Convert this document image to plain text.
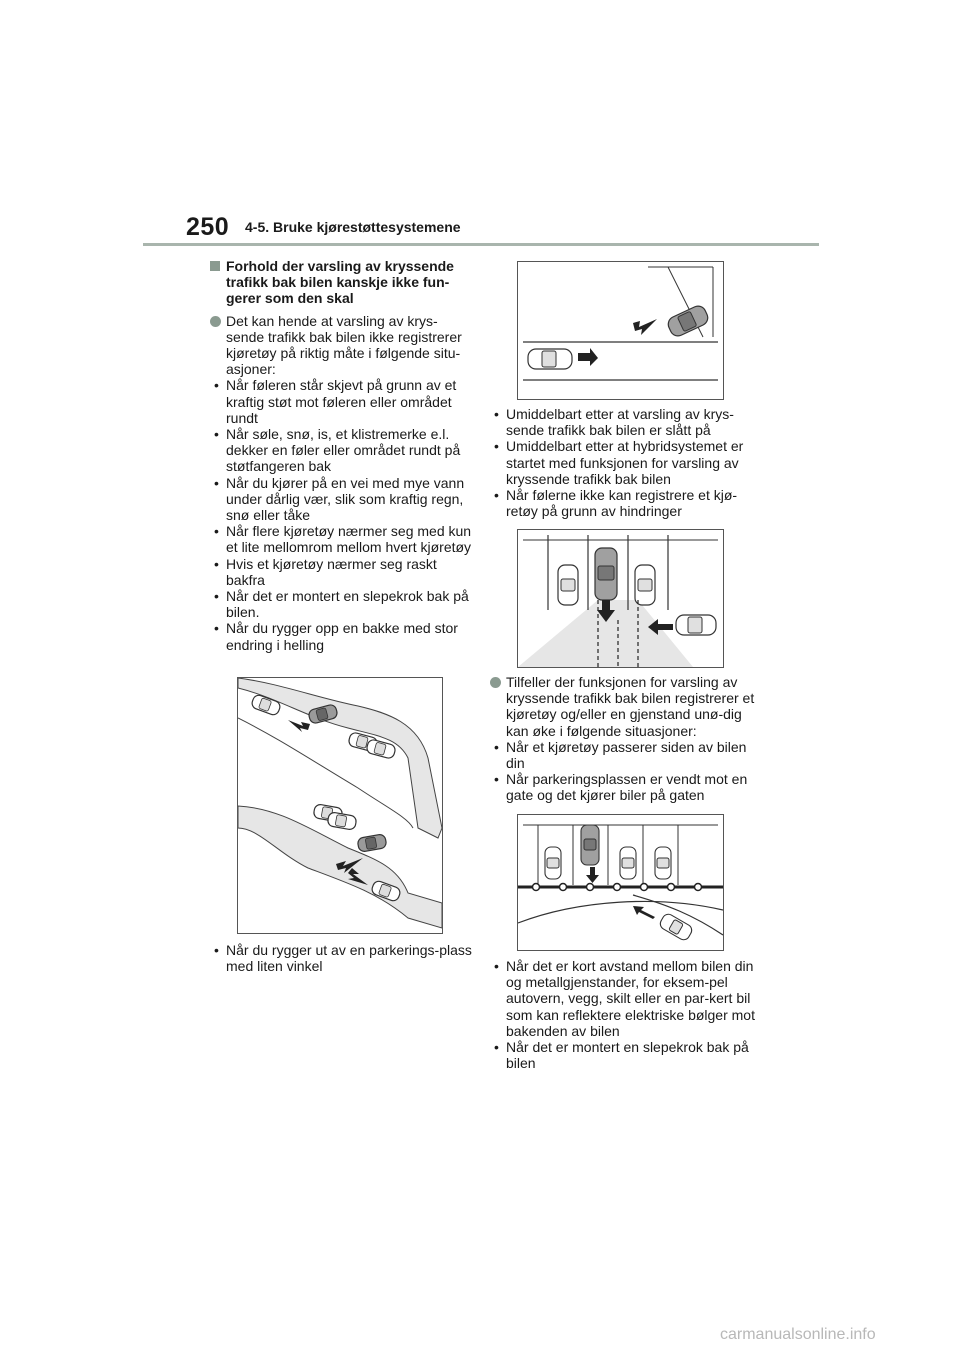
250 4-5. Bruke kjørestøttesystemene
Forhold der varsling av kryssende trafikk bak bilen kanskje ikke fun-gerer som den skal
Det kan hende at varsling av krys-sende trafikk bak bilen ikke registrerer kjøretøy på riktig måte i følgende situ-asjoner:
• Når føleren står skjevt på grunn av et kraftig støt mot føleren eller området rundt
• Når søle, snø, is, et klistremerke e.l. dekker en føler eller området rundt på støtfangeren bak
• Når du kjører på en vei med mye vann under dårlig vær, slik som kraftig regn, snø eller tåke
• Når flere kjøretøy nærmer seg med kun et lite mellomrom mellom hvert kjøretøy
• Hvis et kjøretøy nærmer seg raskt bakfra
• Når det er montert en slepekrok bak på bilen.
• Når du rygger opp en bakke med stor endring i helling
• Når du rygger ut av en parkerings-plass med liten vinkel
• Umiddelbart etter at varsling av krys-sende trafikk bak bilen er slått på
• Umiddelbart etter at hybridsystemet er startet med funksjonen for varsling av kryssende trafikk bak bilen
• Når følerne ikke kan registrere et kjø-retøy på grunn av hindringer
Tilfeller der funksjonen for varsling av kryssende trafikk bak bilen registrerer et kjøretøy og/eller en gjenstand unø-dig kan øke i følgende situasjoner:
• Når et kjøretøy passerer siden av bilen din
• Når parkeringsplassen er vendt mot en gate og det kjører biler på gaten
• Når det er kort avstand mellom bilen din og metallgjenstander, for eksem-pel autovern, vegg, skilt eller en par-kert bil som kan reflektere elektriske bølger mot bakenden av bilen
• Når det er montert en slepekrok bak på bilen
carmanualsonline.info
